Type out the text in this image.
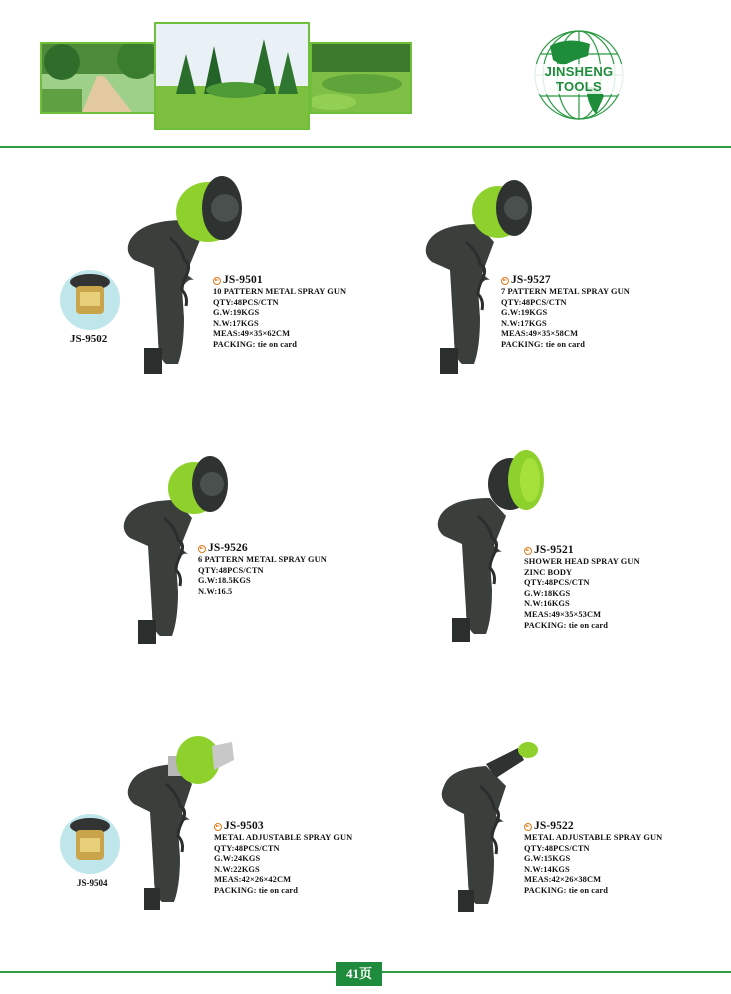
JINSHENG TOOLS
JS-9501
10 PATTERN METAL SPRAY GUN
QTY:48PCS/CTN
G.W:19KGS
N.W:17KGS
MEAS:49×35×62CM
PACKING: tie on card
JS-9502
JS-9527
7 PATTERN METAL SPRAY GUN
QTY:48PCS/CTN
G.W:19KGS
N.W:17KGS
MEAS:49×35×58CM
PACKING: tie on card
JS-9526
6 PATTERN METAL SPRAY GUN
QTY:48PCS/CTN
G.W:18.5KGS
N.W:16.5
JS-9521
SHOWER HEAD SPRAY GUN
ZINC BODY
QTY:48PCS/CTN
G.W:18KGS
N.W:16KGS
MEAS:49×35×53CM
PACKING: tie on card
JS-9503
METAL ADJUSTABLE SPRAY GUN
QTY:48PCS/CTN
G.W:24KGS
N.W:22KGS
MEAS:42×26×42CM
PACKING: tie on card
JS-9504
JS-9522
METAL ADJUSTABLE SPRAY GUN
QTY:48PCS/CTN
G.W:15KGS
N.W:14KGS
MEAS:42×26×38CM
PACKING: tie on card
41页
